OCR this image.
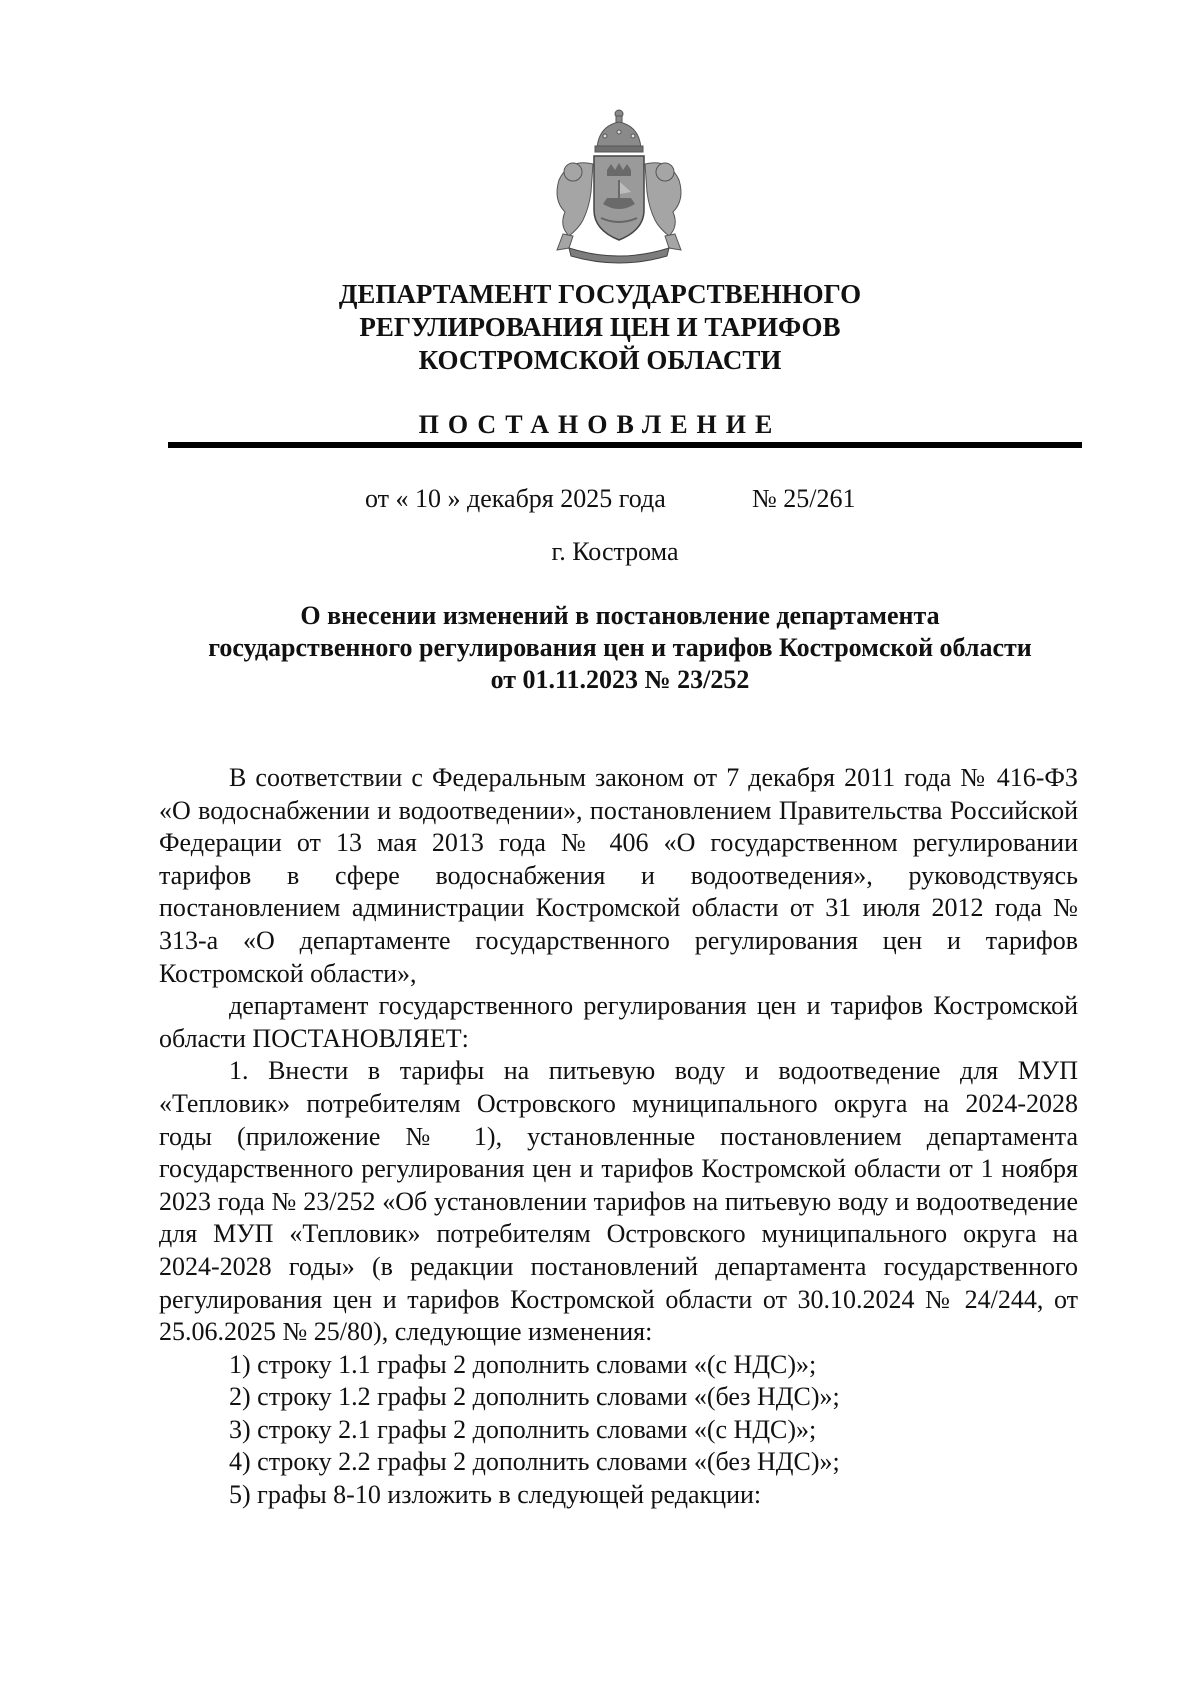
ДЕПАРТАМЕНТ ГОСУДАРСТВЕННОГО
РЕГУЛИРОВАНИЯ ЦЕН И ТАРИФОВ
КОСТРОМСКОЙ ОБЛАСТИ
ПОСТАНОВЛЕНИЕ
от « 10 » декабря 2025 года	№ 25/261
г. Кострома
О внесении изменений в постановление департамента
государственного регулирования цен и тарифов Костромской области
от 01.11.2023 № 23/252

В соответствии с Федеральным законом от 7 декабря 2011 года № 416-ФЗ «О водоснабжении и водоотведении», постановлением Правительства Российской Федерации от 13 мая 2013 года № 406 «О государственном регулировании тарифов в сфере водоснабжения и водоотведения», руководствуясь постановлением администрации Костромской области от 31 июля 2012 года № 313-а «О департаменте государственного регулирования цен и тарифов Костромской области»,

департамент государственного регулирования цен и тарифов Костромской области ПОСТАНОВЛЯЕТ:

1. Внести в тарифы на питьевую воду и водоотведение для МУП «Тепловик» потребителям Островского муниципального округа на 2024-2028 годы (приложение № 1), установленные постановлением департамента государственного регулирования цен и тарифов Костромской области от 1 ноября 2023 года № 23/252 «Об установлении тарифов на питьевую воду и водоотведение для МУП «Тепловик» потребителям Островского муниципального округа на 2024-2028 годы» (в редакции постановлений департамента государственного регулирования цен и тарифов Костромской области от 30.10.2024 № 24/244, от 25.06.2025 № 25/80), следующие изменения:

1) строку 1.1 графы 2 дополнить словами «(с НДС)»;

2) строку 1.2 графы 2 дополнить словами «(без НДС)»;

3) строку 2.1 графы 2 дополнить словами «(с НДС)»;

4) строку 2.2 графы 2 дополнить словами «(без НДС)»;

5) графы 8-10 изложить в следующей редакции:
